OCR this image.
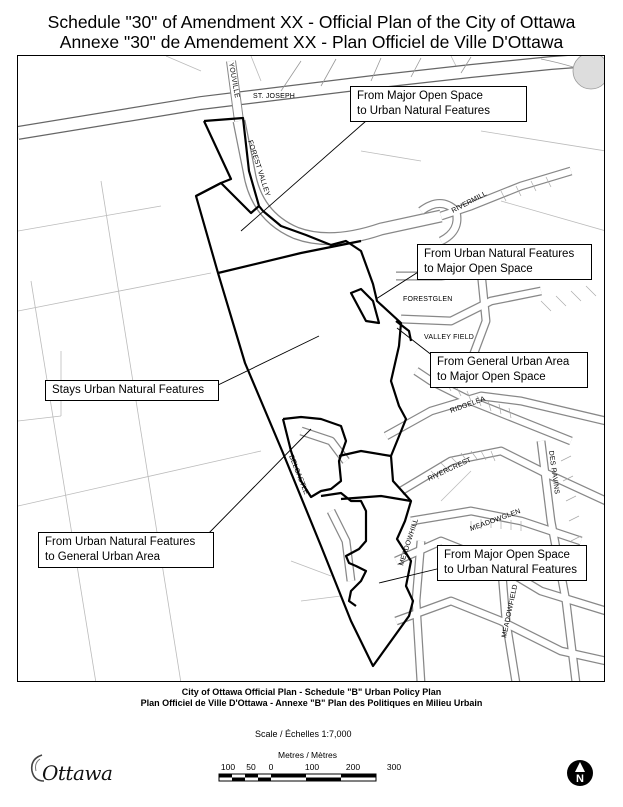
Schedule "30" of Amendment XX - Official Plan of the City of Ottawa
Annexe "30" de Amendement XX - Plan Officiel de Ville D'Ottawa
ST. JOSEPH
YOUVILLE
FOREST VALLEY
RIVERMILL
FORESTGLEN
VALLEY FIELD
RIDGELEA
BELCASTLE	RIVERCREST	DES RAVINS
MEADOWGLEN
MEADOWHILL
MEADOWFIELD
From Major Open Space
to Urban Natural Features
From Urban Natural Features
to Major Open Space
From General Urban Area
to Major Open Space
Stays Urban Natural Features
From Urban Natural Features
to General Urban Area	From Major Open Space
to Urban Natural Features
City of Ottawa Official Plan - Schedule "B" Urban Policy Plan
Plan Officiel de Ville D'Ottawa - Annexe "B" Plan des Politiques en Milieu Urbain
Scale / Échelles 1:7,000
Metres / Mètres
100 50 0	100	200	300
Ottawa	N
